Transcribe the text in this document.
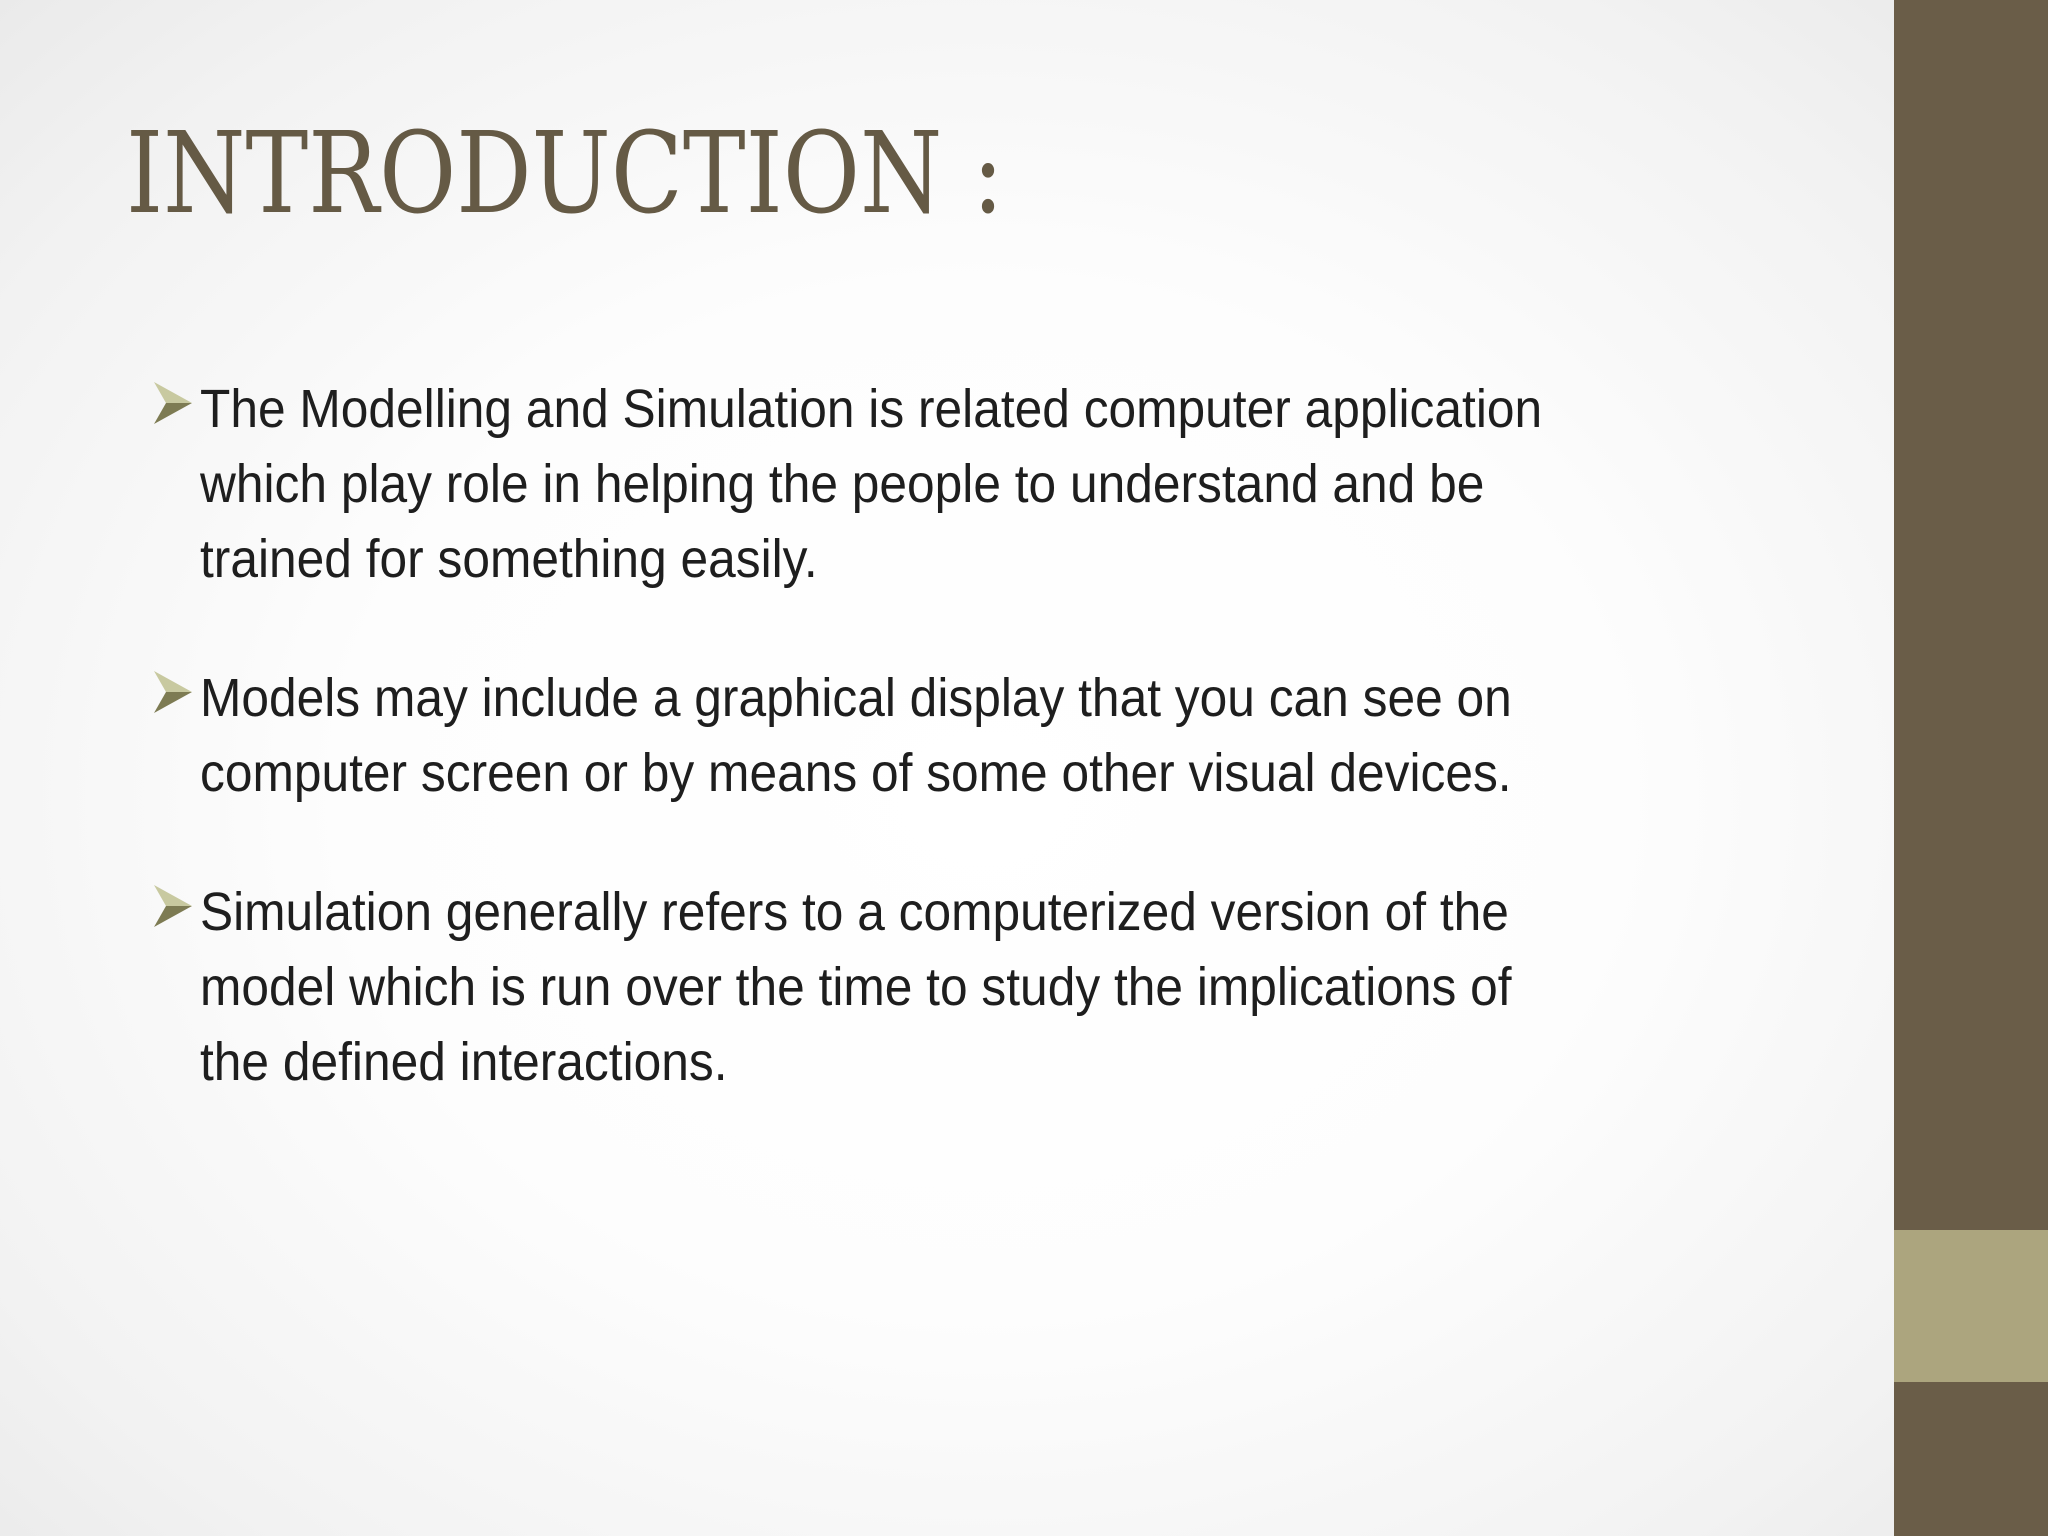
INTRODUCTION :
The Modelling and Simulation is related computer application
which play role in helping the people to understand and be
trained for something easily.
Models may include a graphical display that you can see on
computer screen or by means of some other visual devices.
Simulation generally refers to a computerized version of the
model which is run over the time to study the implications of
the defined interactions.
